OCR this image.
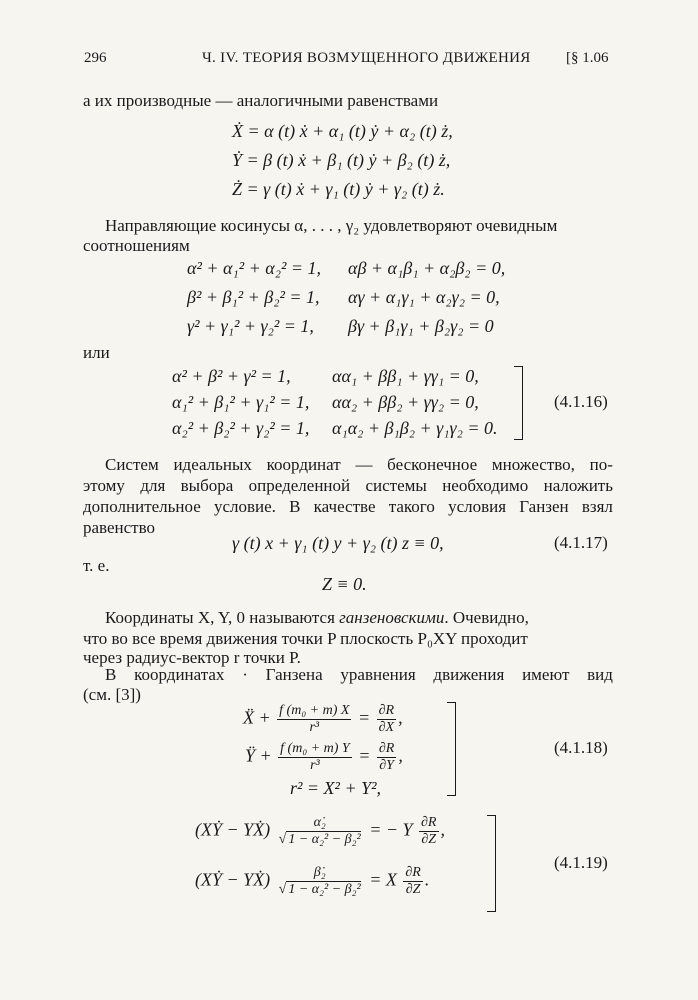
296	Ч. IV. ТЕОРИЯ ВОЗМУЩЕННОГО ДВИЖЕНИЯ [§ 1.06
а их производные — аналогичными равенствами
Ẋ = α (t) ẋ + α₁ (t) ẏ + α₂ (t) ż,
Ẏ = β (t) ẋ + β₁ (t) ẏ + β₂ (t) ż,
Ż = γ (t) ẋ + γ₁ (t) ẏ + γ₂ (t) ż.
Направляющие косинусы α, . . . , γ₂ удовлетворяют очевидным
соотношениям
α² + α₁² + α₂² = 1,
β² + β₁² + β₂² = 1,
γ² + γ₁² + γ₂² = 1,
αβ + α₁β₁ + α₂β₂ = 0,
αγ + α₁γ₁ + α₂γ₂ = 0,
βγ + β₁γ₁ + β₂γ₂ = 0
или
α² + β² + γ² = 1,
α₁² + β₁² + γ₁² = 1,
α₂² + β₂² + γ₂² = 1,
αα₁ + ββ₁ + γγ₁ = 0,
αα₂ + ββ₂ + γγ₂ = 0,
α₁α₂ + β₁β₂ + γ₁γ₂ = 0.
(4.1.16)
Систем идеальных координат — бесконечное множество, по-
этому для выбора определенной системы необходимо наложить
дополнительное условие. В качестве такого условия Ганзен взял
равенство
γ (t) x + γ₁ (t) y + γ₂ (t) z ≡ 0,	(4.1.17)
т. е.
Z ≡ 0.
Координаты X, Y, 0 называются ганзеновскими. Очевидно,
что во все время движения точки P плоскость P₀XY проходит
через радиус-вектор r точки P.
В координатах · Ганзена уравнения движения имеют вид
(см. [3])
Ẍ + $\frac{\text{f (m₀ + m) X}}{\text{r³}} = \frac{\partial R}{\partial X}$ ,
Ÿ + $\frac{\text{f (m₀ + m) Y}}{\text{r³}} = \frac{\partial R}{\partial Y}$ ,
r² = X² + Y²,
(4.1.18)
(XẎ − YẊ) $\frac{\text{α̇₂}}{\text{√ 1 − α₂² − β₂²}}$ = − Y $\frac{\partial R}{\partial Z}$ ,
(XẎ − YẊ) $\frac{\text{β̇₂}}{\text{√ 1 − α₂² − β₂²}} = X \frac{\partial R}{\partial Z}$ .
(4.1.19)
